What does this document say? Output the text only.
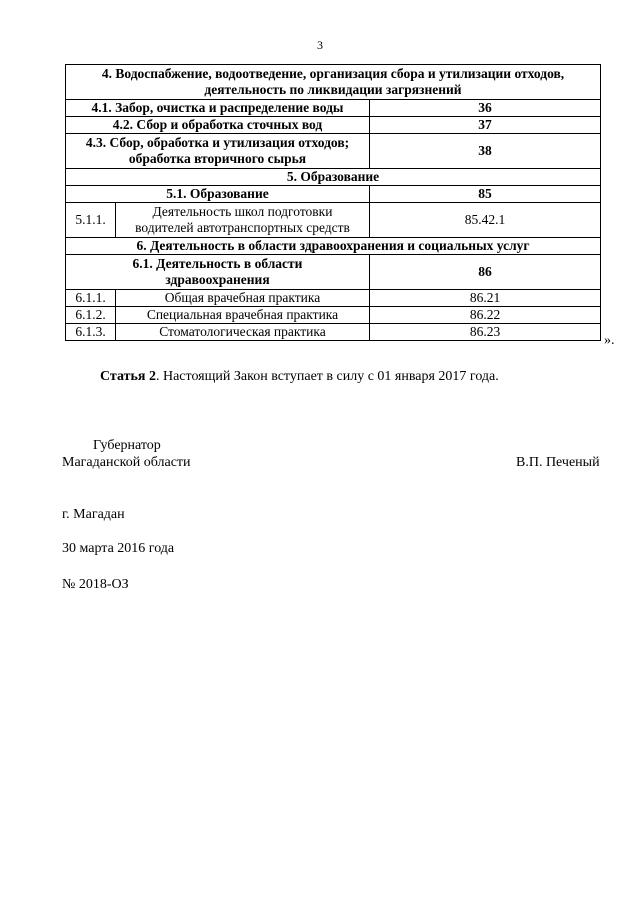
3
4. Водоспабжение, водоотведение, организация сбора и утилизации отходов, деятельность по ликвидации загрязнений		
4.1. Забор, очистка и распределение воды		36
4.2. Сбор и обработка сточных вод		37
4.3. Сбор, обработка и утилизация отходов; обработка вторичного сырья		38
5. Образование		
5.1. Образование		85
5.1.1.	Деятельность школ подготовки водителей автотранспортных средств	85.42.1
6. Деятельность в области здравоохранения и социальных услуг		
6.1. Деятельность в области здравоохранения		86
6.1.1.	Общая врачебная практика	86.21
6.1.2.	Специальная врачебная практика	86.22
6.1.3.	Стоматологическая практика	86.23
».
Статья 2. Настоящий Закон вступает в силу с 01 января 2017 года.
Губернатор
Магаданской области	В.П. Печеный
г. Магадан
30 марта 2016 года
№ 2018-ОЗ
